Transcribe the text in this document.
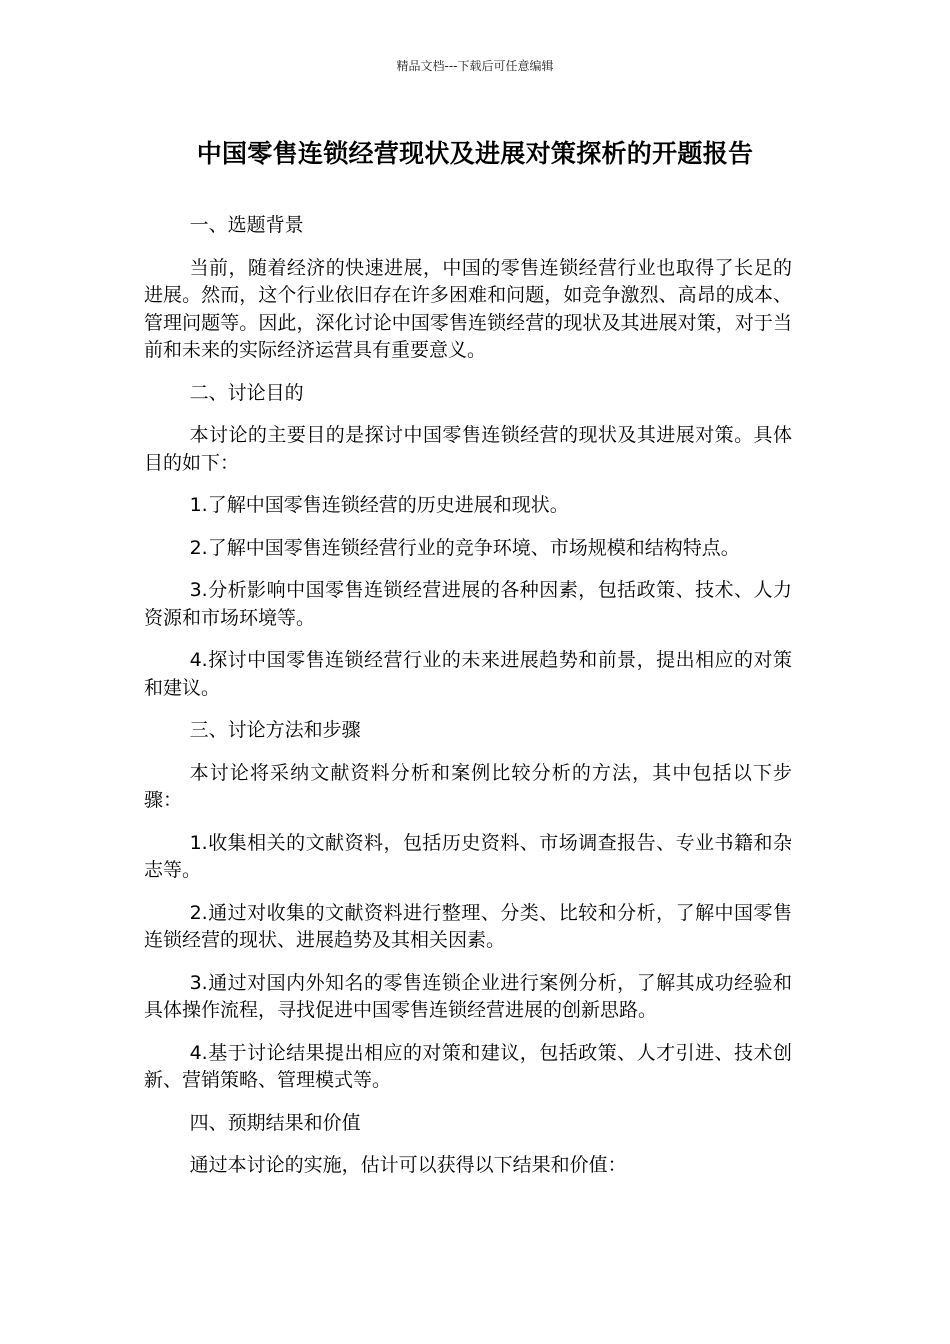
精品文档---下载后可任意编辑
中国零售连锁经营现状及进展对策探析的开题报告

一、选题背景

当前，随着经济的快速进展，中国的零售连锁经营行业也取得了长足的进展。然而，这个行业依旧存在许多困难和问题，如竞争激烈、高昂的成本、管理问题等。因此，深化讨论中国零售连锁经营的现状及其进展对策，对于当前和未来的实际经济运营具有重要意义。

二、讨论目的

本讨论的主要目的是探讨中国零售连锁经营的现状及其进展对策。具体目的如下：

1.了解中国零售连锁经营的历史进展和现状。

2.了解中国零售连锁经营行业的竞争环境、市场规模和结构特点。

3.分析影响中国零售连锁经营进展的各种因素，包括政策、技术、人力资源和市场环境等。

4.探讨中国零售连锁经营行业的未来进展趋势和前景，提出相应的对策和建议。

三、讨论方法和步骤

本讨论将采纳文献资料分析和案例比较分析的方法，其中包括以下步骤：

1.收集相关的文献资料，包括历史资料、市场调查报告、专业书籍和杂志等。

2.通过对收集的文献资料进行整理、分类、比较和分析，了解中国零售连锁经营的现状、进展趋势及其相关因素。

3.通过对国内外知名的零售连锁企业进行案例分析，了解其成功经验和具体操作流程，寻找促进中国零售连锁经营进展的创新思路。

4.基于讨论结果提出相应的对策和建议，包括政策、人才引进、技术创新、营销策略、管理模式等。

四、预期结果和价值

通过本讨论的实施，估计可以获得以下结果和价值：
